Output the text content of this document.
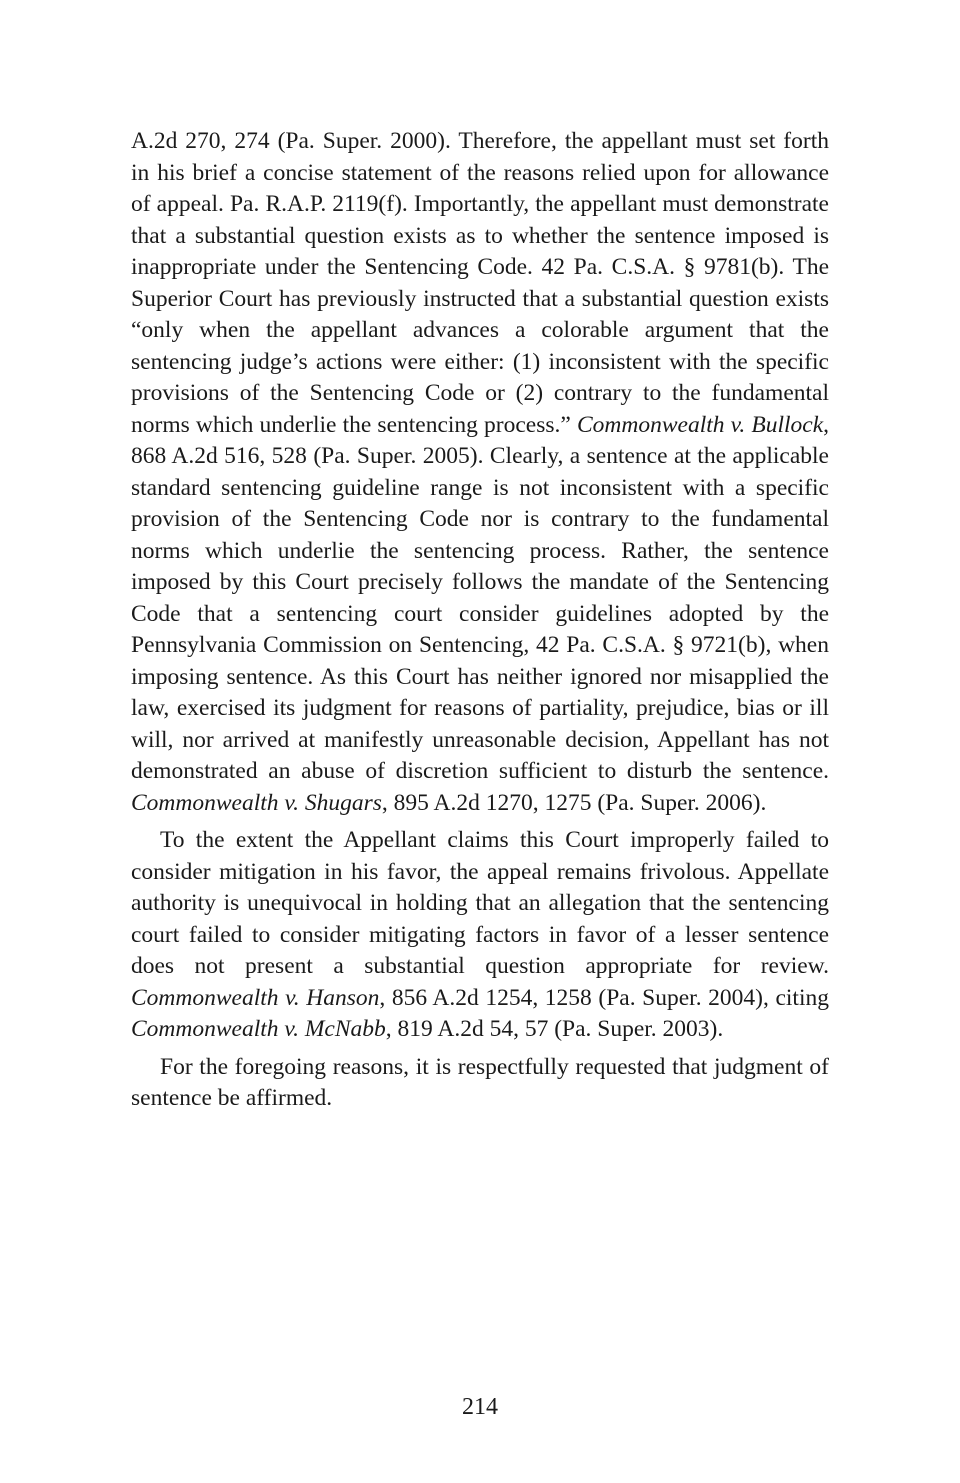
A.2d 270, 274 (Pa. Super. 2000). Therefore, the appellant must set forth in his brief a concise statement of the reasons relied upon for allowance of appeal. Pa. R.A.P. 2119(f). Importantly, the appellant must demonstrate that a substantial question exists as to whether the sentence imposed is inappropriate under the Sentencing Code. 42 Pa. C.S.A. § 9781(b). The Superior Court has previously instructed that a substantial question exists “only when the appellant advances a colorable argument that the sentencing judge’s actions were either: (1) inconsistent with the specific provisions of the Sentencing Code or (2) contrary to the fundamental norms which underlie the sentencing process.” Commonwealth v. Bullock, 868 A.2d 516, 528 (Pa. Super. 2005). Clearly, a sentence at the applicable standard sentencing guideline range is not inconsistent with a specific provision of the Sentencing Code nor is contrary to the fundamental norms which underlie the sentencing process. Rather, the sentence imposed by this Court precisely follows the mandate of the Sentencing Code that a sentencing court consider guidelines adopted by the Pennsylvania Commission on Sentencing, 42 Pa. C.S.A. § 9721(b), when imposing sentence. As this Court has neither ignored nor misapplied the law, exercised its judgment for reasons of partiality, prejudice, bias or ill will, nor arrived at manifestly unreasonable decision, Appellant has not demonstrated an abuse of discretion sufficient to disturb the sentence. Commonwealth v. Shugars, 895 A.2d 1270, 1275 (Pa. Super. 2006).

To the extent the Appellant claims this Court improperly failed to consider mitigation in his favor, the appeal remains frivolous. Appellate authority is unequivocal in holding that an allegation that the sentencing court failed to consider mitigating factors in favor of a lesser sentence does not present a substantial question appropriate for review. Commonwealth v. Hanson, 856 A.2d 1254, 1258 (Pa. Super. 2004), citing Commonwealth v. McNabb, 819 A.2d 54, 57 (Pa. Super. 2003).

For the foregoing reasons, it is respectfully requested that judgment of sentence be affirmed.

214
